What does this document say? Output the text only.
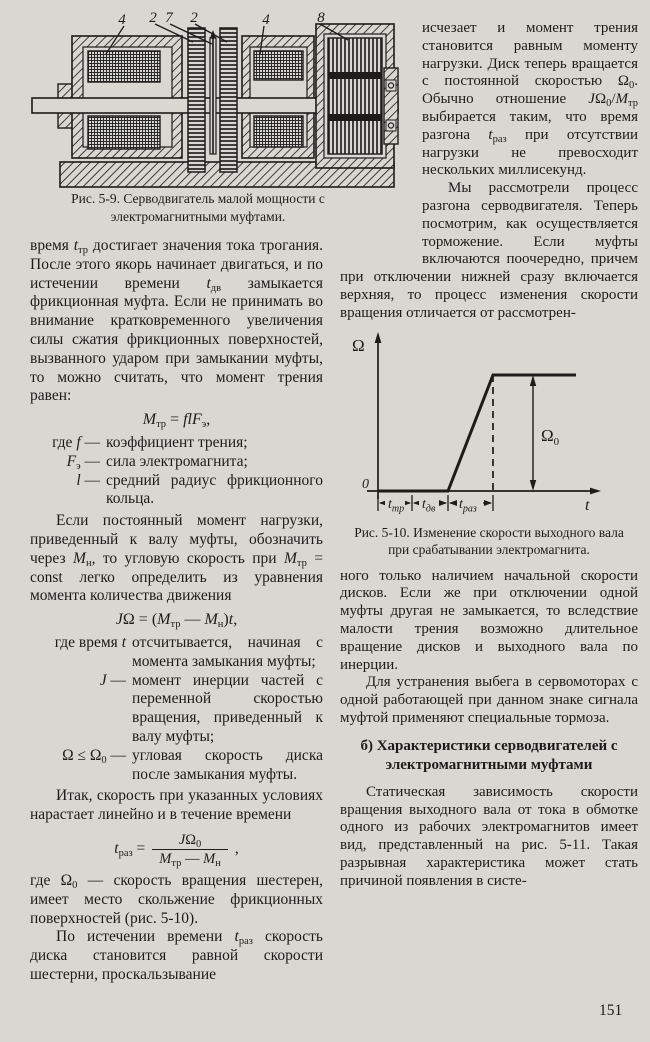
4 2 7 2	4	8
Рис. 5-9. Серводвигатель малой мощности с электромагнитными муфтами.

время $t_{тр}$ достигает значения тока трогания. После этого якорь начинает двигаться, и по истечении времени $t_{дв}$ замыкается фрикционная муфта. Если не принимать во внимание кратковременного увеличения силы сжатия фрикционных поверхностей, вызванного ударом при замыкании муфты, то можно считать, что момент трения равен:

$M_{тр} = flF_э$,
где f — коэффициент трения;
$F_э$ — сила электромагнита;
l — средний радиус фрикционного кольца.

Если постоянный момент нагрузки, приведенный к валу муфты, обозначить через $M_н$, то угловую скорость при $M_{тр}$ = const легко определить из уравнения момента количества движения

$J\Omega = (M_{тр}$ — $M_н)t$,
где время t отсчитывается, начиная с момента замыкания муфты;
J — момент инерции частей с переменной скоростью вращения, приведенный к валу муфты;
$\Omega \le \Omega_0$ — угловая скорость диска после замыкания муфты.

Итак, скорость при указанных условиях нарастает линейно и в течение времени

$t_{раз} = \frac{J\Omega_0}{M_{тр} — M_н}$ ,

где $\Omega_0$ — скорость вращения шестерен, имеет место скольжение фрикционных поверхностей (рис. 5-10).

По истечении времени $t_{раз}$ скорость диска становится равной скорости шестерни, проскальзывание

исчезает и момент трения становится равным моменту нагрузки. Диск теперь вращается с постоянной скоростью $\Omega_0$. Обычно отношение $J\Omega_0/M_{тр}$ выбирается таким, что время разгона $t_{раз}$ при отсутствии нагрузки не превосходит нескольких миллисекунд.

Мы рассмотрели процесс разгона серводвигателя. Теперь посмотрим, как осуществляется торможение. Если муфты включаются поочередно, причем при отключении нижней сразу включается верхняя, то процесс изменения скорости вращения отличается от рассмотрен-

Ω
0
t
$\Omega_0$
$t_{тр}$ $t_{дв}$ $t_{раз}$
Рис. 5-10. Изменение скорости выходного вала при срабатывании электромагнита.

ного только наличием начальной скорости дисков. Если же при отключении одной муфты другая не замыкается, то вследствие малости трения возможно длительное вращение дисков и выходного вала по инерции.

Для устранения выбега в сервомоторах с одной работающей при данном знаке сигнала муфтой применяют специальные тормоза.

б) Характеристики серводвигателей с электромагнитными муфтами

Статическая зависимость скорости вращения выходного вала от тока в обмотке одного из рабочих электромагнитов имеет вид, представленный на рис. 5-11. Такая разрывная характеристика может стать причиной появления в систе-

151
